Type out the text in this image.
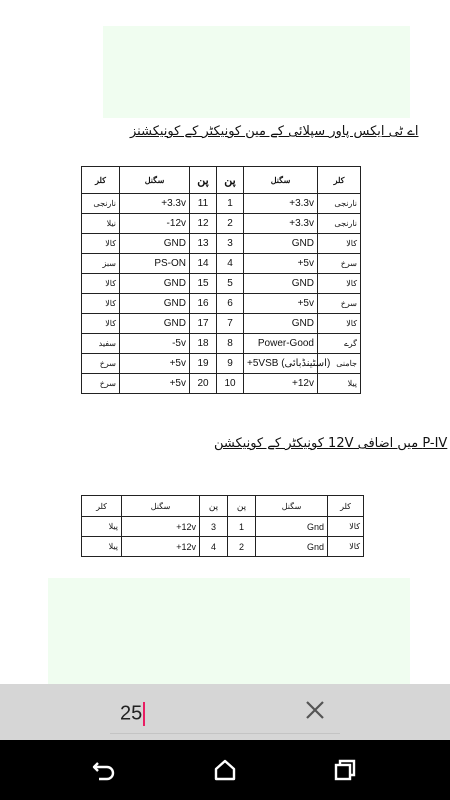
اے ٹی ایکس پاور سپلائی کے مین کونیکٹر کے کونیکشنز
کلر	سگنل	پن	پن	سگنل	کلر
نارنجی	+3.3v	11	1	+3.3v	نارنجی
نیلا	-12v	12	2	+3.3v	نارنجی
کالا	GND	13	3	GND	کالا
سبز	PS-ON	14	4	+5v	سرخ
کالا	GND	15	5	GND	کالا
کالا	GND	16	6	+5v	سرخ
کالا	GND	17	7	GND	کالا
سفید	-5v	18	8	Power-Good	گرے
سرخ	+5v	19	9	+5VSB (اسٹینڈبائی)	جامنی
سرخ	+5v	20	10	+12v	پیلا
P-IV میں اضافی 12V کونیکٹر کے کونیکشن
کلر	سگنل	پن	پن	سگنل	کلر
پیلا	+12v	3	1	Gnd	کالا
پیلا	+12v	4	2	Gnd	کالا
25
